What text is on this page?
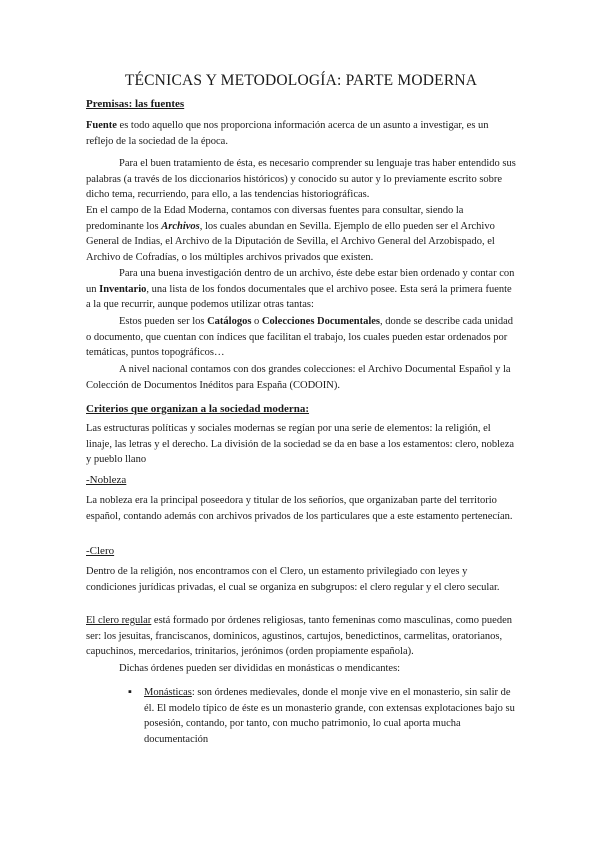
TÉCNICAS Y METODOLOGÍA: PARTE MODERNA
Premisas: las fuentes

Fuente es todo aquello que nos proporciona información acerca de un asunto a investigar, es un reflejo de la sociedad de la época.

Para el buen tratamiento de ésta, es necesario comprender su lenguaje tras haber entendido sus palabras (a través de los diccionarios históricos) y conocido su autor y lo previamente escrito sobre dicho tema, recurriendo, para ello, a las tendencias historiográficas.

En el campo de la Edad Moderna, contamos con diversas fuentes para consultar, siendo la predominante los Archivos, los cuales abundan en Sevilla. Ejemplo de ello pueden ser el Archivo General de Indias, el Archivo de la Diputación de Sevilla, el Archivo General del Arzobispado, el Archivo de Cofradías, o los múltiples archivos privados que existen.

Para una buena investigación dentro de un archivo, éste debe estar bien ordenado y contar con un Inventario, una lista de los fondos documentales que el archivo posee. Esta será la primera fuente a la que recurrir, aunque podemos utilizar otras tantas:

Estos pueden ser los Catálogos o Colecciones Documentales, donde se describe cada unidad o documento, que cuentan con índices que facilitan el trabajo, los cuales pueden estar ordenados por temáticas, puntos topográficos…

A nivel nacional contamos con dos grandes colecciones: el Archivo Documental Español y la Colección de Documentos Inéditos para España (CODOIN).

Criterios que organizan a la sociedad moderna:

Las estructuras políticas y sociales modernas se regían por una serie de elementos: la religión, el linaje, las letras y el derecho. La división de la sociedad se da en base a los estamentos: clero, nobleza y pueblo llano

-Nobleza

La nobleza era la principal poseedora y titular de los señoríos, que organizaban parte del territorio español, contando además con archivos privados de los particulares que a este estamento pertenecían.

-Clero

Dentro de la religión, nos encontramos con el Clero, un estamento privilegiado con leyes y condiciones jurídicas privadas, el cual se organiza en subgrupos: el clero regular y el clero secular.

El clero regular está formado por órdenes religiosas, tanto femeninas como masculinas, como pueden ser: los jesuitas, franciscanos, dominicos, agustinos, cartujos, benedictinos, carmelitas, oratorianos, capuchinos, mercedarios, trinitarios, jerónimos (orden propiamente española).

Dichas órdenes pueden ser divididas en monásticas o mendicantes:

▪ Monásticas: son órdenes medievales, donde el monje vive en el monasterio, sin salir de él. El modelo típico de éste es un monasterio grande, con extensas explotaciones bajo su posesión, contando, por tanto, con mucho patrimonio, lo cual aporta mucha documentación
